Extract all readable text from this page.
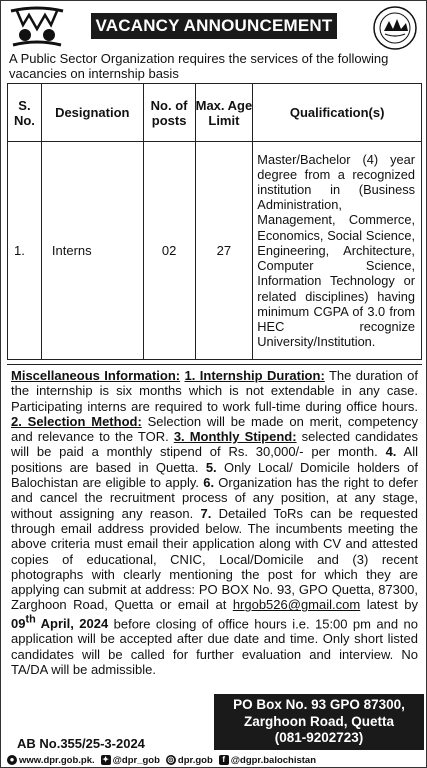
VACANCY ANNOUNCEMENT
A Public Sector Organization requires the services of the following vacancies on internship basis
S. No.	Designation	No. of posts	Max. Age Limit	Qualification(s)
1.	Interns	02	27	Master/Bachelor (4) year degree from a recognized institution in (Business Administration, Management, Commerce, Economics, Social Science, Engineering, Architecture, Computer Science, Information Technology or related disciplines) having minimum CGPA of 3.0 from HEC recognize University/Institution.

Miscellaneous Information: 1. Internship Duration: The duration of the internship is six months which is not extendable in any case. Participating interns are required to work full-time during office hours. 2. Selection Method: Selection will be made on merit, competency and relevance to the TOR. 3. Monthly Stipend: selected candidates will be paid a monthly stipend of Rs. 30,000/- per month. 4. All positions are based in Quetta. 5. Only Local/ Domicile holders of Balochistan are eligible to apply. 6. Organization has the right to defer and cancel the recruitment process of any position, at any stage, without assigning any reason. 7. Detailed ToRs can be requested through email address provided below. The incumbents meeting the above criteria must email their application along with CV and attested copies of educational, CNIC, Local/Domicile and (3) recent photographs with clearly mentioning the post for which they are applying can submit at address: PO BOX No. 93, GPO Quetta, 87300, Zarghoon Road, Quetta or email at hrgob526@gmail.com latest by 09th April, 2024 before closing of office hours i.e. 15:00 pm and no application will be accepted after due date and time. Only short listed candidates will be called for further evaluation and interview. No TA/DA will be admissible.

PO Box No. 93 GPO 87300,
Zarghoon Road, Quetta
(081-9202723)
AB No.355/25-3-2024
● www.dpr.gob.pk. ✦ @dpr_gob ◎ dpr.gob	f @dgpr.balochistan
